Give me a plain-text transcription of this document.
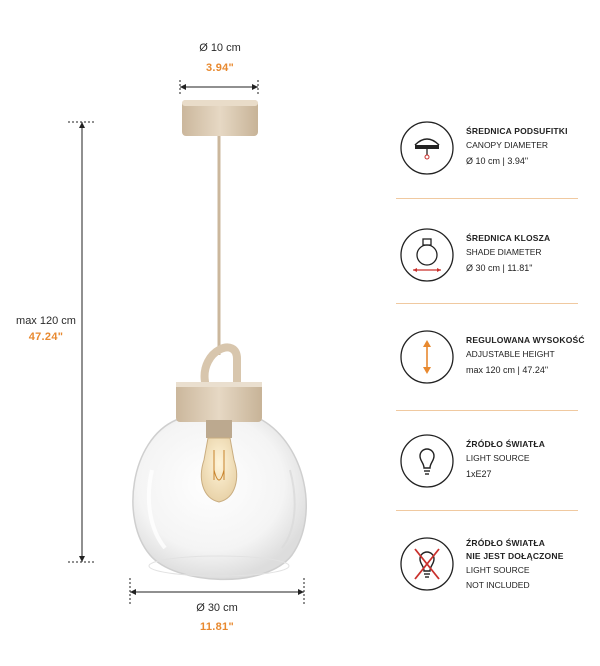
Ø 10 cm
3.94"
max 120 cm
47.24"
Ø 30 cm
11.81"
ŚREDNICA PODSUFITKI
CANOPY DIAMETER
Ø 10 cm | 3.94"
ŚREDNICA KLOSZA
SHADE DIAMETER
Ø 30 cm | 11.81"
REGULOWANA WYSOKOŚĆ
ADJUSTABLE HEIGHT
max 120 cm | 47.24"
ŹRÓDŁO ŚWIATŁA
LIGHT SOURCE
1xE27
ŹRÓDŁO ŚWIATŁA
NIE JEST DOŁĄCZONE
LIGHT SOURCE
NOT INCLUDED
